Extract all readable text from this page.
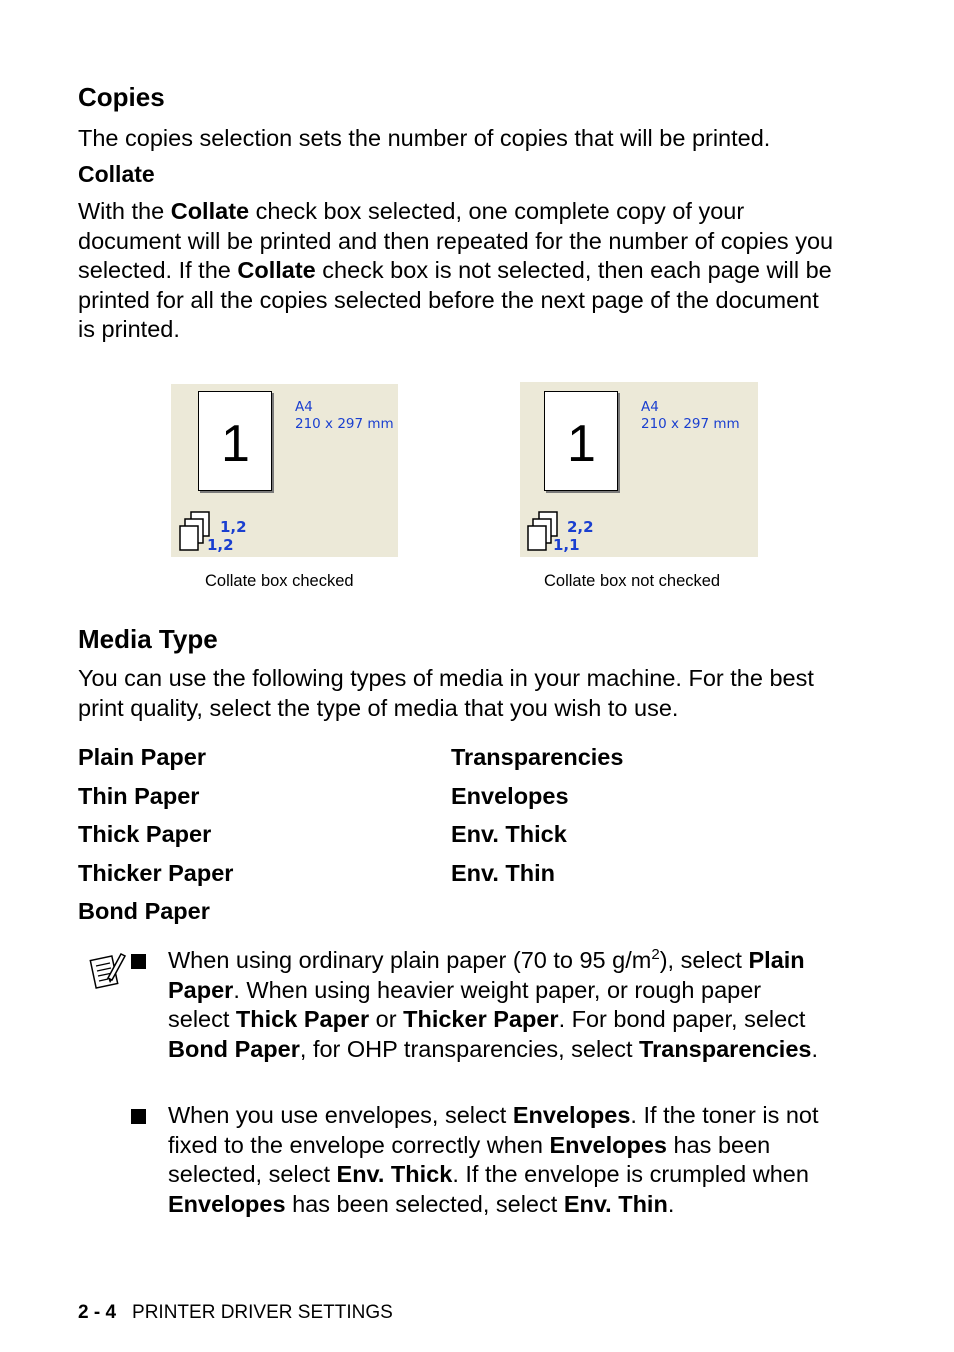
Copies
The copies selection sets the number of copies that will be printed.
Collate
With the Collate check box selected, one complete copy of your document will be printed and then repeated for the number of copies you selected. If the Collate check box is not selected, then each page will be printed for all the copies selected before the next page of the document is printed.
1
A4
210 x 297 mm
1,2
1,2
Collate box checked
1
A4
210 x 297 mm
2,2
1,1
Collate box not checked
Media Type
You can use the following types of media in your machine. For the best print quality, select the type of media that you wish to use.
Plain Paper
Thin Paper
Thick Paper
Thicker Paper
Bond Paper
Transparencies
Envelopes
Env. Thick
Env. Thin
When using ordinary plain paper (70 to 95 $g/m^2$), select Plain Paper. When using heavier weight paper, or rough paper select Thick Paper or Thicker Paper. For bond paper, select Bond Paper, for OHP transparencies, select Transparencies.
When you use envelopes, select Envelopes. If the toner is not fixed to the envelope correctly when Envelopes has been selected, select Env. Thick. If the envelope is crumpled when Envelopes has been selected, select Env. Thin.
2 - 4 PRINTER DRIVER SETTINGS
